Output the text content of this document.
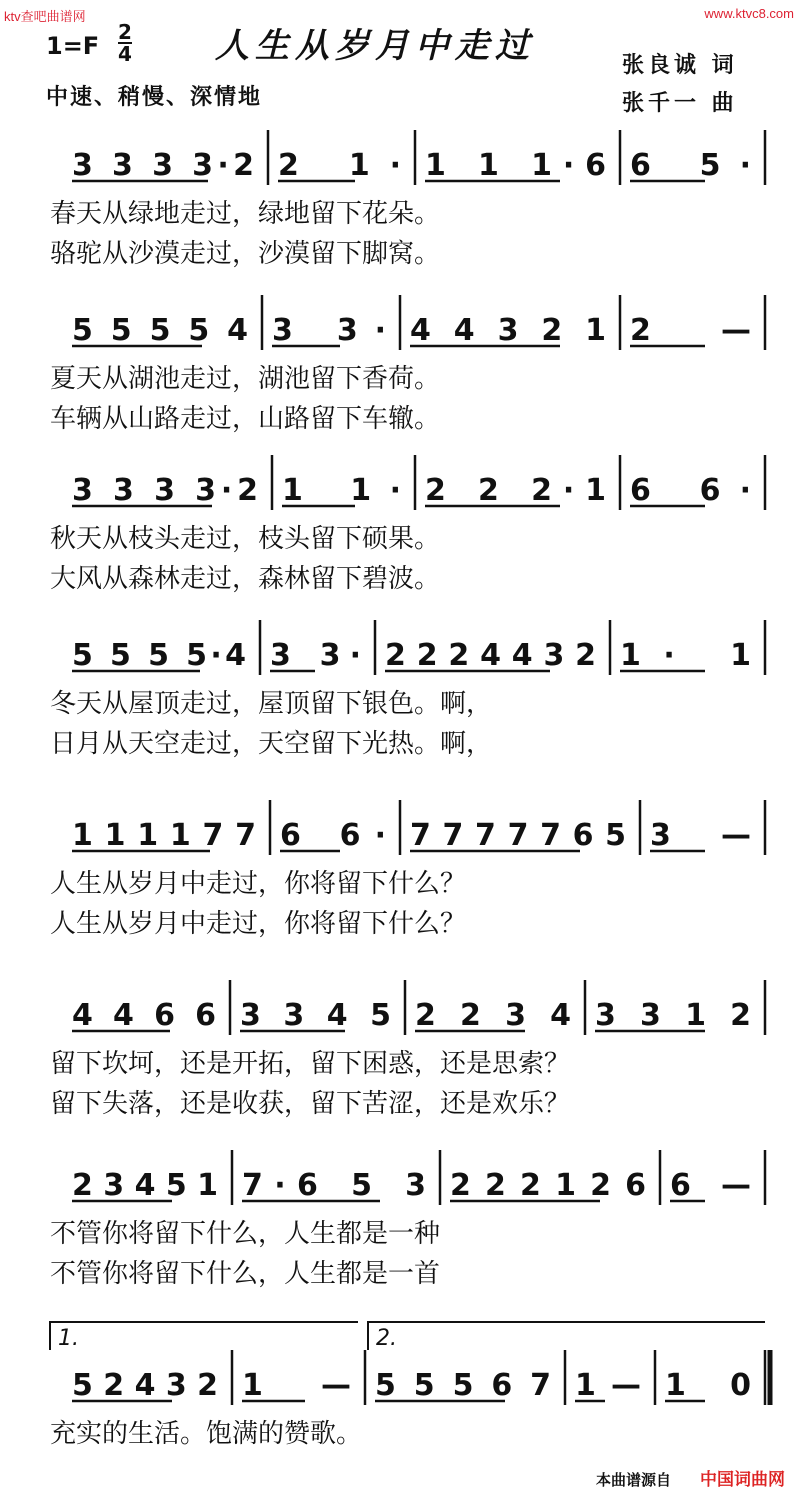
ktv查吧曲谱网	www.ktvc8.com
人生从岁月中走过
1=F 2
4
中速、稍慢、深情地
张良诚 词
张千一 曲
3 3 3 3·2 2 1· 1 1 1·6 6 5·
5 5 5 5 4 3 3· 4 4 3 2 1 2 —
3 3 3 3·2 1 1· 2 2 2·1 6 6·
5 5 5 5·4 3 3· 2 2 2 4 4 3 2 1· 1
1 1 1 1 7 7 6 6· 7 7 7 7 7 6 5 3 —
4 4 6 6 3 3 4 5 2 2 3 4 3 3 1 2
2 3 4 5 1 7·6 5 3 2 2 2 1 2 6 6 —
5 2 4 3 2 1 — 5 5 5 6 7 1 — 1 0
1.	2.
春天从绿地走过，绿地留下花朵。
骆驼从沙漠走过，沙漠留下脚窝。
夏天从湖池走过，湖池留下香荷。
车辆从山路走过，山路留下车辙。
秋天从枝头走过，枝头留下硕果。
大风从森林走过，森林留下碧波。
冬天从屋顶走过，屋顶留下银色。啊，
日月从天空走过，天空留下光热。啊，
人生从岁月中走过，你将留下什么？
人生从岁月中走过，你将留下什么？
留下坎坷，还是开拓，留下困惑，还是思索？
留下失落，还是收获，留下苦涩，还是欢乐？
不管你将留下什么，人生都是一种
不管你将留下什么，人生都是一首
充实的生活。饱满的赞歌。
本曲谱源自 中国词曲网
